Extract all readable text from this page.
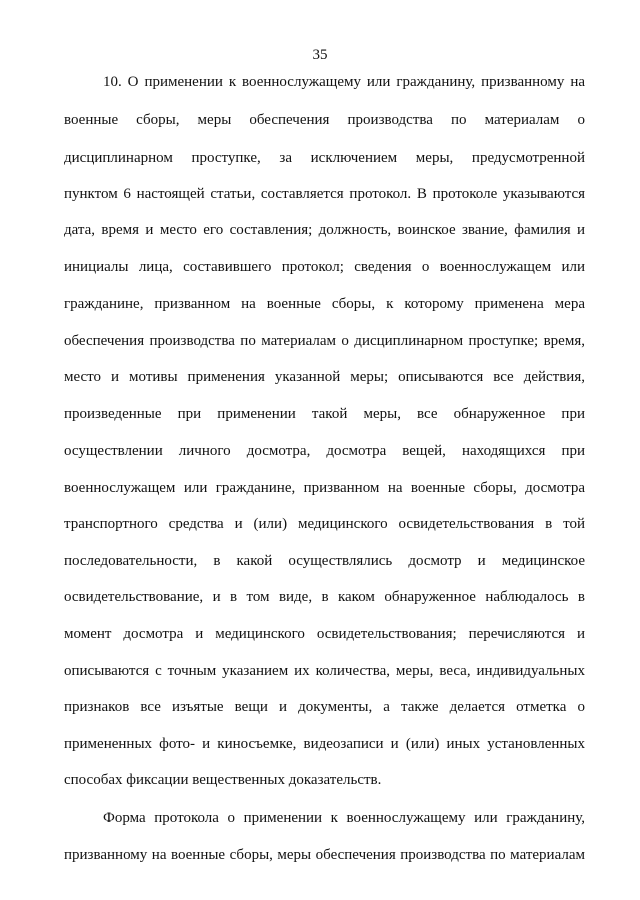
35
10. О применении к военнослужащему или гражданину, призванному на
военные сборы, меры обеспечения производства по материалам о
дисциплинарном проступке, за исключением меры, предусмотренной
пунктом 6 настоящей статьи, составляется протокол. В протоколе указываются
дата, время и место его составления; должность, воинское звание, фамилия и
инициалы лица, составившего протокол; сведения о военнослужащем или
гражданине, призванном на военные сборы, к которому применена мера
обеспечения производства по материалам о дисциплинарном проступке; время,
место и мотивы применения указанной меры; описываются все действия,
произведенные при применении такой меры, все обнаруженное при
осуществлении личного досмотра, досмотра вещей, находящихся при
военнослужащем или гражданине, призванном на военные сборы, досмотра
транспортного средства и (или) медицинского освидетельствования в той
последовательности, в какой осуществлялись досмотр и медицинское
освидетельствование, и в том виде, в каком обнаруженное наблюдалось в
момент досмотра и медицинского освидетельствования; перечисляются и
описываются с точным указанием их количества, меры, веса, индивидуальных
признаков все изъятые вещи и документы, а также делается отметка о
примененных фото- и киносъемке, видеозаписи и (или) иных установленных
способах фиксации вещественных доказательств.
Форма протокола о применении к военнослужащему или гражданину,
призванному на военные сборы, меры обеспечения производства по материалам
